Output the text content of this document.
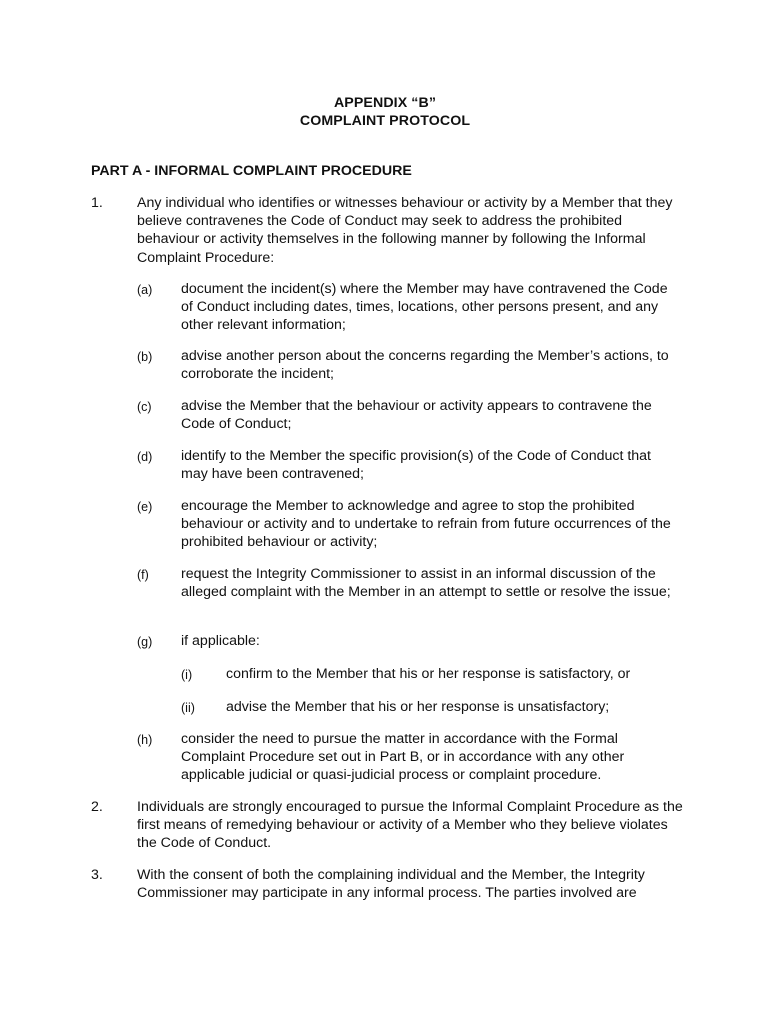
APPENDIX “B”
COMPLAINT PROTOCOL
PART A - INFORMAL COMPLAINT PROCEDURE
1. Any individual who identifies or witnesses behaviour or activity by a Member that they believe contravenes the Code of Conduct may seek to address the prohibited behaviour or activity themselves in the following manner by following the Informal Complaint Procedure:
(a) document the incident(s) where the Member may have contravened the Code of Conduct including dates, times, locations, other persons present, and any other relevant information;
(b) advise another person about the concerns regarding the Member’s actions, to corroborate the incident;
(c) advise the Member that the behaviour or activity appears to contravene the Code of Conduct;
(d) identify to the Member the specific provision(s) of the Code of Conduct that may have been contravened;
(e) encourage the Member to acknowledge and agree to stop the prohibited behaviour or activity and to undertake to refrain from future occurrences of the prohibited behaviour or activity;
(f) request the Integrity Commissioner to assist in an informal discussion of the alleged complaint with the Member in an attempt to settle or resolve the issue;
(g) if applicable:
(i) confirm to the Member that his or her response is satisfactory, or
(ii) advise the Member that his or her response is unsatisfactory;
(h) consider the need to pursue the matter in accordance with the Formal Complaint Procedure set out in Part B, or in accordance with any other applicable judicial or quasi-judicial process or complaint procedure.
2. Individuals are strongly encouraged to pursue the Informal Complaint Procedure as the first means of remedying behaviour or activity of a Member who they believe violates the Code of Conduct.
3. With the consent of both the complaining individual and the Member, the Integrity Commissioner may participate in any informal process. The parties involved are
